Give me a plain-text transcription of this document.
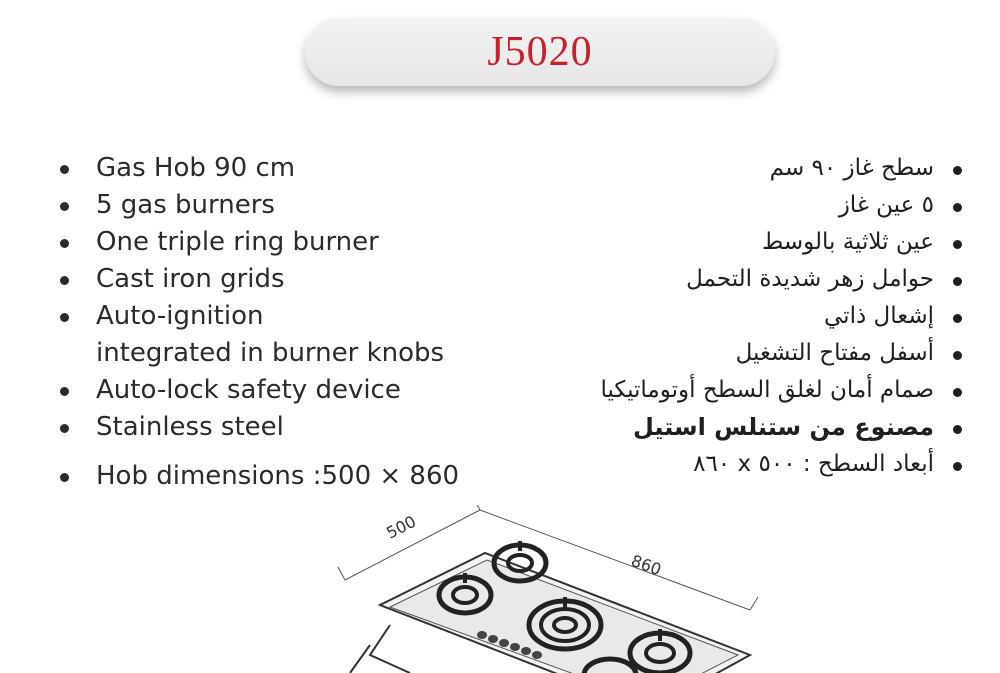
J5020
Gas Hob 90 cm
5 gas burners
One triple ring burner
Cast iron grids
Auto-ignition
integrated in burner knobs
Auto-lock safety device
Stainless steel
Hob dimensions :500 × 860
سطح غاز ٩٠ سم
٥ عين غاز
عين ثلاثية بالوسط
حوامل زهر شديدة التحمل
إشعال ذاتي
أسفل مفتاح التشغيل
صمام أمان لغلق السطح أوتوماتيكيا
مصنوع من ستنلس استيل
أبعاد السطح : ٥٠٠ x ٨٦٠
500
860
